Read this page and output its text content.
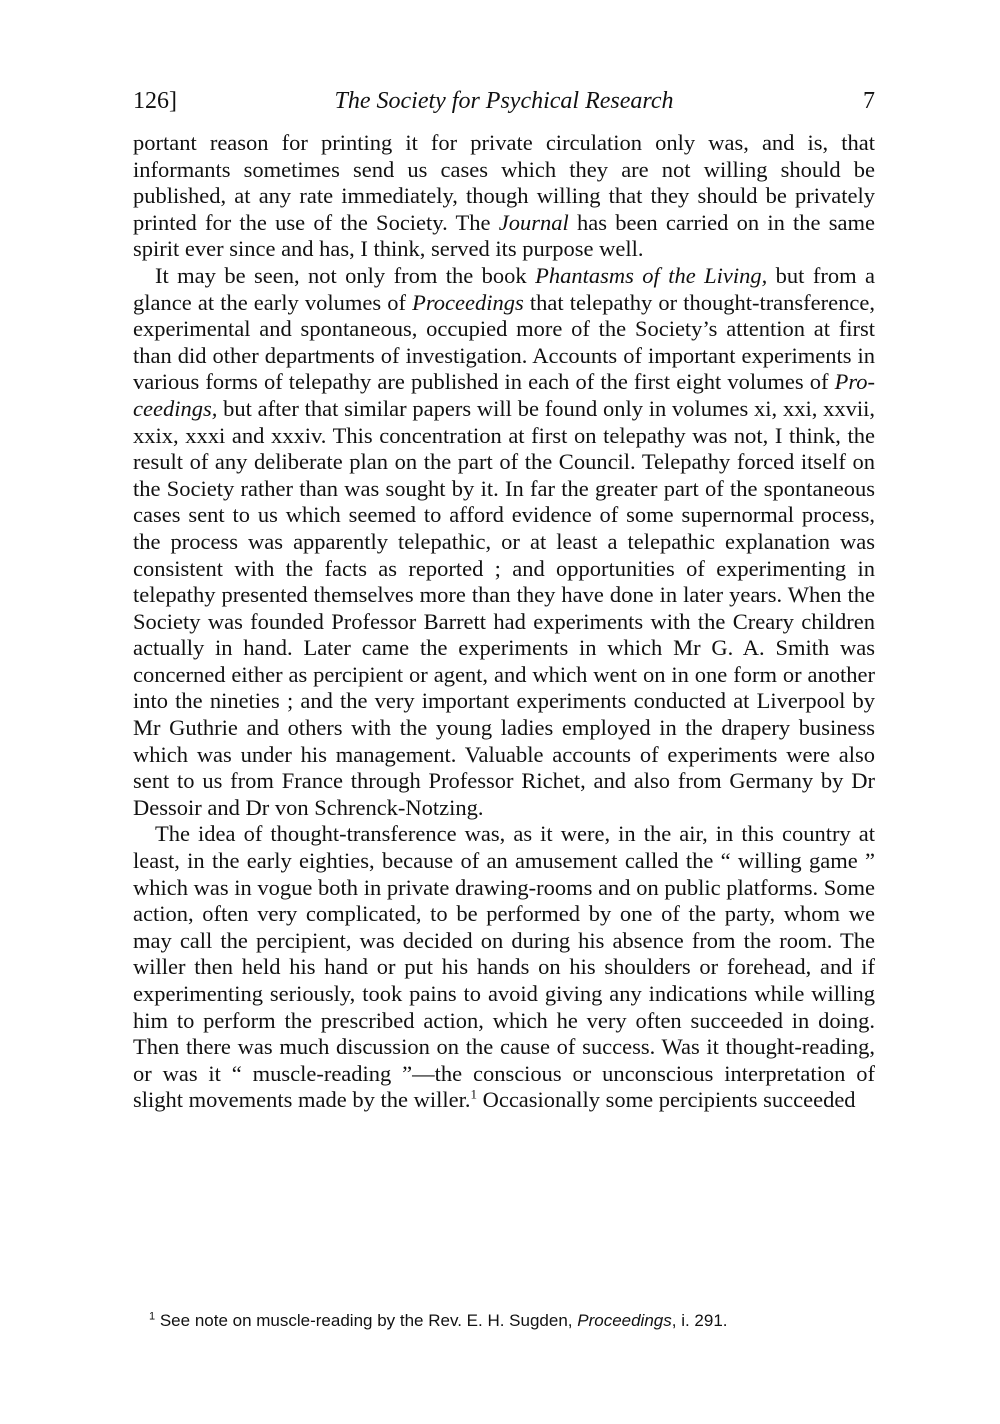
126]	The Society for Psychical Research	7

portant reason for printing it for private circulation only was, and is, that informants sometimes send us cases which they are not willing should be published, at any rate immediately, though willing that they should be privately printed for the use of the Society. The Journal has been carried on in the same spirit ever since and has, I think, served its purpose well.

It may be seen, not only from the book Phantasms of the Living, but from a glance at the early volumes of Proceedings that telepathy or thought-transference, experimental and spontaneous, occupied more of the Society’s attention at first than did other departments of investigation. Accounts of important experiments in various forms of telepathy are published in each of the first eight volumes of Proceedings, but after that similar papers will be found only in volumes xi, xxi, xxvii, xxix, xxxi and xxxiv. This concentration at first on telepathy was not, I think, the result of any deliberate plan on the part of the Council. Telepathy forced itself on the Society rather than was sought by it. In far the greater part of the spontaneous cases sent to us which seemed to afford evidence of some supernormal process, the process was apparently telepathic, or at least a telepathic explanation was consistent with the facts as reported ; and opportunities of experimenting in telepathy presented themselves more than they have done in later years. When the Society was founded Professor Barrett had experiments with the Creary children actually in hand. Later came the experiments in which Mr G. A. Smith was concerned either as percipient or agent, and which went on in one form or another into the nineties ; and the very important experiments conducted at Liverpool by Mr Guthrie and others with the young ladies employed in the drapery business which was under his management. Valuable accounts of experiments were also sent to us from France through Professor Richet, and also from Germany by Dr Dessoir and Dr von Schrenck-Notzing.

The idea of thought-transference was, as it were, in the air, in this country at least, in the early eighties, because of an amusement called the “ willing game ” which was in vogue both in private drawing-rooms and on public platforms. Some action, often very complicated, to be performed by one of the party, whom we may call the percipient, was decided on during his absence from the room. The willer then held his hand or put his hands on his shoulders or forehead, and if experimenting seriously, took pains to avoid giving any indications while willing him to perform the prescribed action, which he very often succeeded in doing. Then there was much discussion on the cause of success. Was it thought-reading, or was it “ muscle-reading ”—the conscious or unconscious interpretation of slight movements made by the willer.$^1$ Occasionally some percipients succeeded

$^1$ See note on muscle-reading by the Rev. E. H. Sugden, Proceedings, i. 291.
